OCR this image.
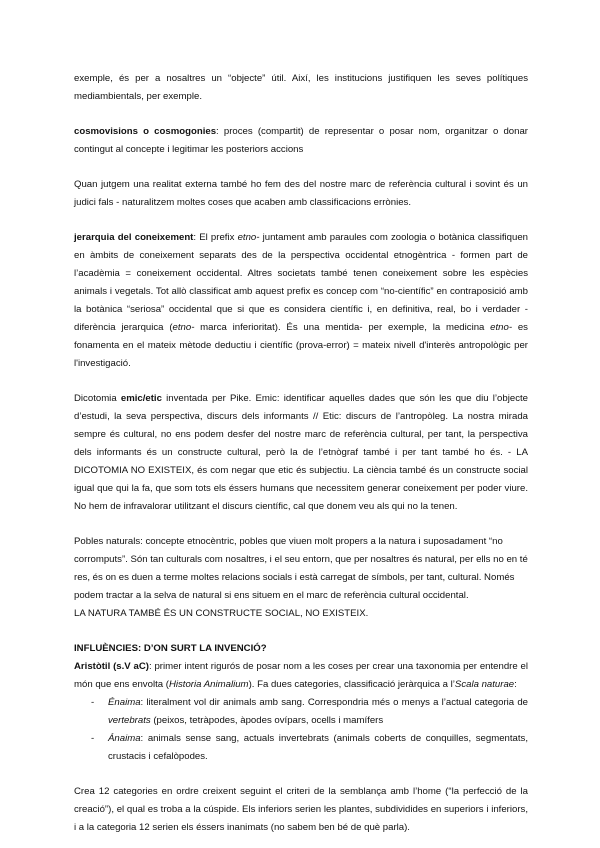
exemple, és per a nosaltres un “objecte” útil. Així, les institucions justifiquen les seves polítiques mediambientals, per exemple.

cosmovisions o cosmogonies: proces (compartit) de representar o posar nom, organitzar o donar contingut al concepte i legitimar les posteriors accions

Quan jutgem una realitat externa també ho fem des del nostre marc de referència cultural i sovint és un judici fals - naturalitzem moltes coses que acaben amb classificacions errònies.

jerarquia del coneixement: El prefix etno- juntament amb paraules com zoologia o botànica classifiquen en àmbits de coneixement separats des de la perspectiva occidental etnogèntrica - formen part de l’acadèmia = coneixement occidental. Altres societats també tenen coneixement sobre les espècies animals i vegetals. Tot allò classificat amb aquest prefix es concep com “no-científic” en contraposició amb la botànica “seriosa” occidental que si que es considera científic i, en definitiva, real, bo i verdader - diferència jerarquica (etno- marca inferioritat). És una mentida- per exemple, la medicina etno- es fonamenta en el mateix mètode deductiu i científic (prova-error) = mateix nivell d'interès antropològic per l'investigació.

Dicotomia emic/etic inventada per Pike. Emic: identificar aquelles dades que són les que diu l’objecte d’estudi, la seva perspectiva, discurs dels informants // Etic: discurs de l’antropòleg. La nostra mirada sempre és cultural, no ens podem desfer del nostre marc de referència cultural, per tant, la perspectiva dels informants és un constructe cultural, però la de l’etnògraf també i per tant també ho és. - LA DICOTOMIA NO EXISTEIX, és com negar que etic és subjectiu. La ciència també és un constructe social igual que qui la fa, que som tots els éssers humans que necessitem generar coneixement per poder viure. No hem de infravalorar utilitzant el discurs científic, cal que donem veu als qui no la tenen.

Pobles naturals: concepte etnocèntric, pobles que viuen molt propers a la natura i suposadament “no corromputs”. Són tan culturals com nosaltres, i el seu entorn, que per nosaltres és natural, per ells no en té res, és on es duen a terme moltes relacions socials i està carregat de símbols, per tant, cultural. Només podem tractar a la selva de natural si ens situem en el marc de referència cultural occidental.
LA NATURA TAMBÉ ÉS UN CONSTRUCTE SOCIAL, NO EXISTEIX.

INFLUÈNCIES: D’ON SURT LA INVENCIÓ?

Aristòtil (s.V aC): primer intent rigurós de posar nom a les coses per crear una taxonomia per entendre el món que ens envolta (Historia Animalium). Fa dues categories, classificació jeràrquica a l’Scala naturae:

- Énaima: literalment vol dir animals amb sang. Correspondria més o menys a l’actual categoria de vertebrats (peixos, tetràpodes, àpodes ovípars, ocells i mamífers
- Ánaima: animals sense sang, actuals invertebrats (animals coberts de conquilles, segmentats, crustacis i cefalòpodes.

Crea 12 categories en ordre creixent seguint el criteri de la semblança amb l’home (“la perfecció de la creació”), el qual es troba a la cúspide. Els inferiors serien les plantes, subdividides en superiors i inferiors, i a la categoria 12 serien els éssers inanimats (no sabem ben bé de què parla).
